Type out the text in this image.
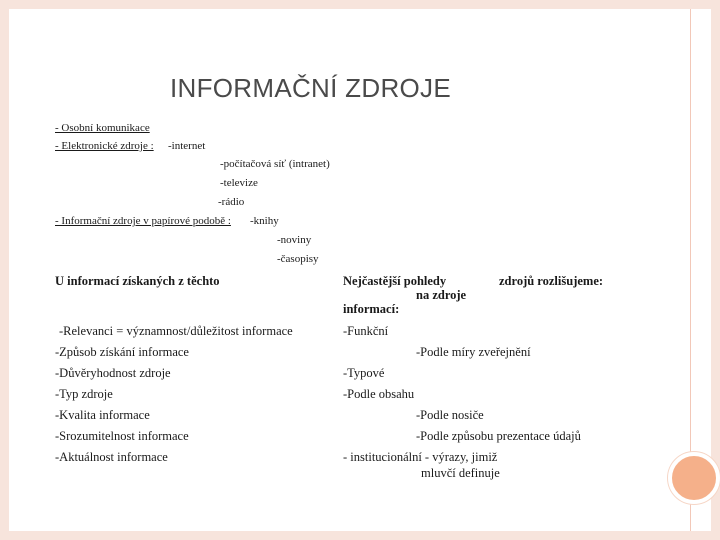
INFORMAČNÍ ZDROJE
- Osobní komunikace
- Elektronické zdroje : -internet
-počítačová síť (intranet)
-televize
-rádio
- Informační zdroje v papírové podobě : -knihy
-noviny
-časopisy
U informací získaných z těchto
-Relevanci = významnost/důležitost informace
-Způsob získání informace
-Důvěryhodnost zdroje
-Typ zdroje
-Kvalita informace
-Srozumitelnost informace
-Aktuálnost informace
Nejčastější pohledy
na zdroje
zdrojů rozlišujeme:
informací:
-Funkční
-Podle míry zveřejnění
-Typové
-Podle obsahu
-Podle nosiče
-Podle způsobu prezentace údajů
- institucionální - výrazy, jimiž
mluvčí definuje
